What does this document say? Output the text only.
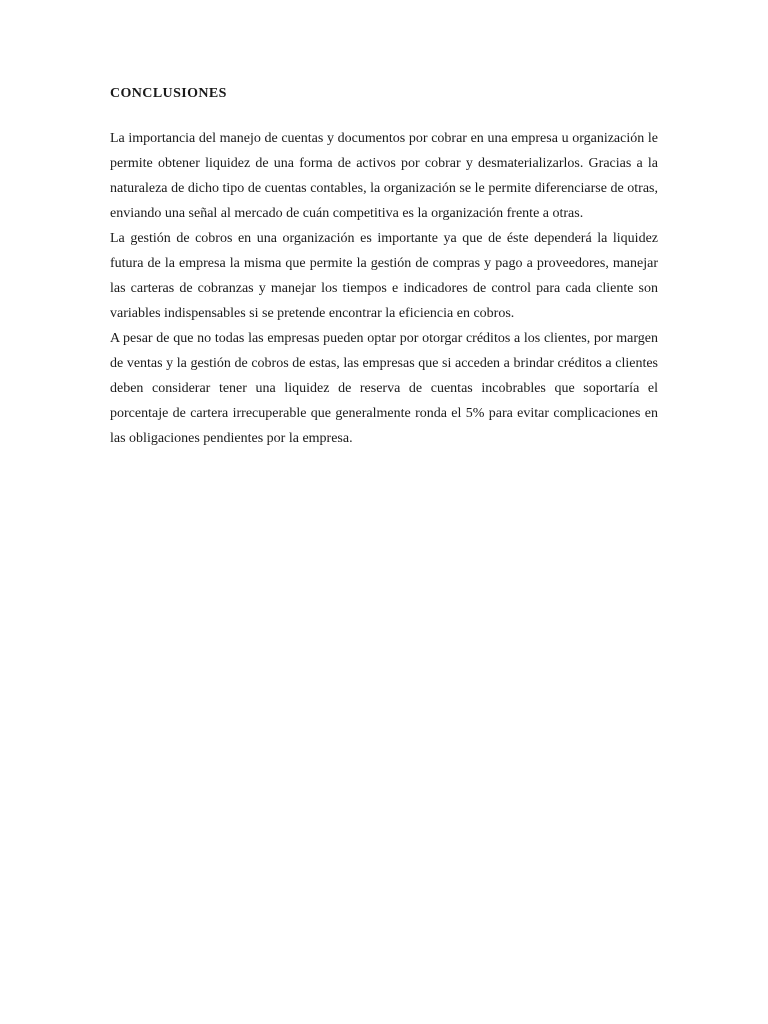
CONCLUSIONES

La importancia del manejo de cuentas y documentos por cobrar en una empresa u organización le permite obtener liquidez de una forma de activos por cobrar y desmaterializarlos. Gracias a la naturaleza de dicho tipo de cuentas contables, la organización se le permite diferenciarse de otras, enviando una señal al mercado de cuán competitiva es la organización frente a otras.

La gestión de cobros en una organización es importante ya que de éste dependerá la liquidez futura de la empresa la misma que permite la gestión de compras y pago a proveedores, manejar las carteras de cobranzas y manejar los tiempos e indicadores de control para cada cliente son variables indispensables si se pretende encontrar la eficiencia en cobros.

A pesar de que no todas las empresas pueden optar por otorgar créditos a los clientes, por margen de ventas y la gestión de cobros de estas, las empresas que si acceden a brindar créditos a clientes deben considerar tener una liquidez de reserva de cuentas incobrables que soportaría el porcentaje de cartera irrecuperable que generalmente ronda el 5% para evitar complicaciones en las obligaciones pendientes por la empresa.
